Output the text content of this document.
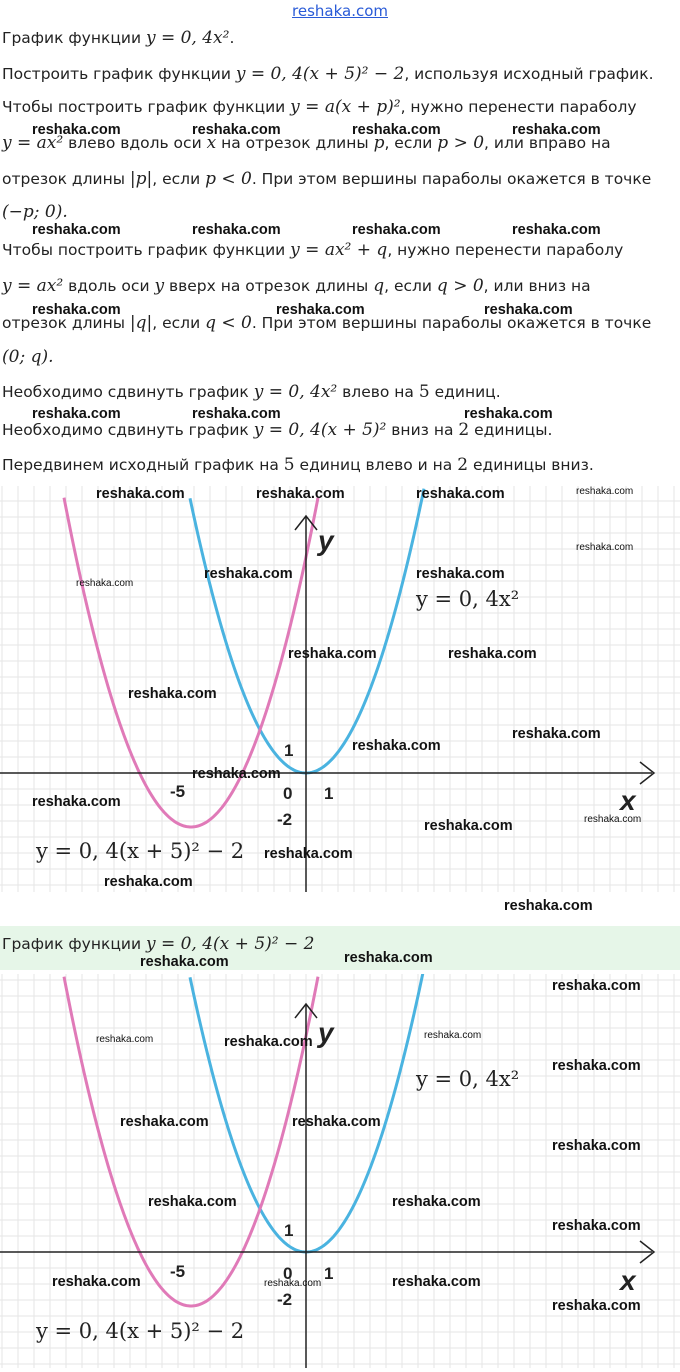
reshaka.com
График функции y = 0, 4x².
Построить график функции y = 0, 4(x + 5)² − 2, используя исходный график.
Чтобы построить график функции y = a(x + p)², нужно перенести параболу
y = ax² влево вдоль оси x на отрезок длины p, если p > 0, или вправо на
отрезок длины |p|, если p < 0. При этом вершины параболы окажется в точке
(−p; 0).
Чтобы построить график функции y = ax² + q, нужно перенести параболу
y = ax² вдоль оси y вверх на отрезок длины q, если q > 0, или вниз на
отрезок длины |q|, если q < 0. При этом вершины параболы окажется в точке
(0; q).
Необходимо сдвинуть график y = 0, 4x² влево на 5 единиц.
Необходимо сдвинуть график y = 0, 4(x + 5)² вниз на 2 единицы.
Передвинем исходный график на 5 единиц влево и на 2 единицы вниз.
y
x
1
1
0
-5
-2
y = 0, 4x²
y = 0, 4(x + 5)² − 2
График функции y = 0, 4(x + 5)² − 2
y
x
1
1
0
-5
-2
y = 0, 4x²
y = 0, 4(x + 5)² − 2
reshaka.com	reshaka.com	reshaka.com	reshaka.com
reshaka.com	reshaka.com	reshaka.com	reshaka.com
reshaka.com	reshaka.com	reshaka.com
reshaka.com	reshaka.com	reshaka.com
reshaka.com	reshaka.com	reshaka.com	reshaka.com
reshaka.com
reshaka.com	reshaka.com
reshaka.com
reshaka.com	reshaka.com
reshaka.com
reshaka.com
reshaka.com
reshaka.com
reshaka.com
reshaka.com	reshaka.com
reshaka.com
reshaka.com
reshaka.com
reshaka.com	reshaka.com
reshaka.com
reshaka.com	reshaka.com	reshaka.com
reshaka.com
reshaka.com	reshaka.com
reshaka.com
reshaka.com	reshaka.com
reshaka.com
reshaka.com	reshaka.com	reshaka.com
reshaka.com
